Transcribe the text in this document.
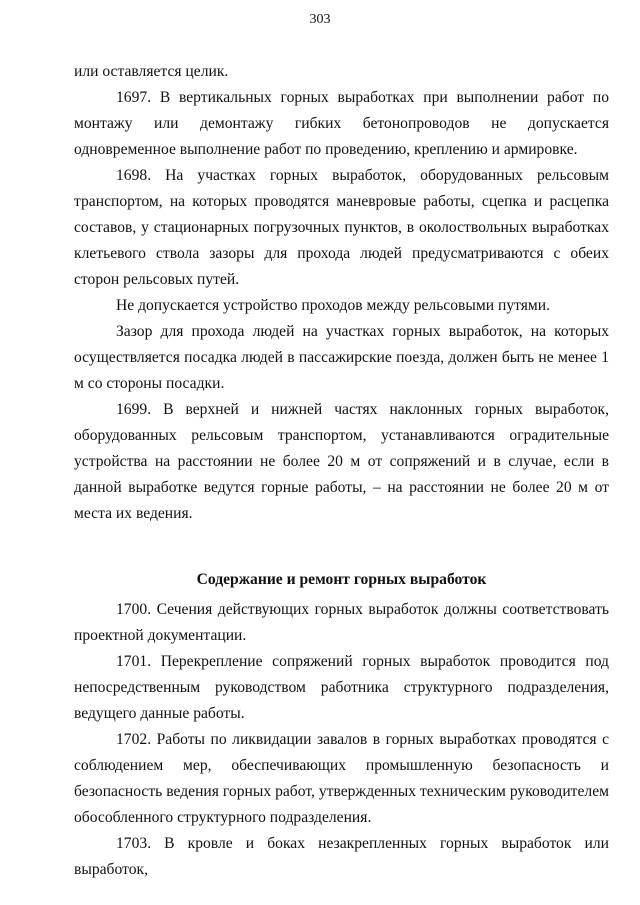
303

или оставляется целик.

1697. В вертикальных горных выработках при выполнении работ по монтажу или демонтажу гибких бетонопроводов не допускается одновременное выполнение работ по проведению, креплению и армировке.

1698. На участках горных выработок, оборудованных рельсовым транспортом, на которых проводятся маневровые работы, сцепка и расцепка составов, у стационарных погрузочных пунктов, в околоствольных выработках клетьевого ствола зазоры для прохода людей предусматриваются с обеих сторон рельсовых путей.

Не допускается устройство проходов между рельсовыми путями.

Зазор для прохода людей на участках горных выработок, на которых осуществляется посадка людей в пассажирские поезда, должен быть не менее 1 м со стороны посадки.

1699. В верхней и нижней частях наклонных горных выработок, оборудованных рельсовым транспортом, устанавливаются оградительные устройства на расстоянии не более 20 м от сопряжений и в случае, если в данной выработке ведутся горные работы, – на расстоянии не более 20 м от места их ведения.

Содержание и ремонт горных выработок

1700. Сечения действующих горных выработок должны соответствовать проектной документации.

1701. Перекрепление сопряжений горных выработок проводится под непосредственным руководством работника структурного подразделения, ведущего данные работы.

1702. Работы по ликвидации завалов в горных выработках проводятся с соблюдением мер, обеспечивающих промышленную безопасность и безопасность ведения горных работ, утвержденных техническим руководителем обособленного структурного подразделения.

1703. В кровле и боках незакрепленных горных выработок или выработок,
